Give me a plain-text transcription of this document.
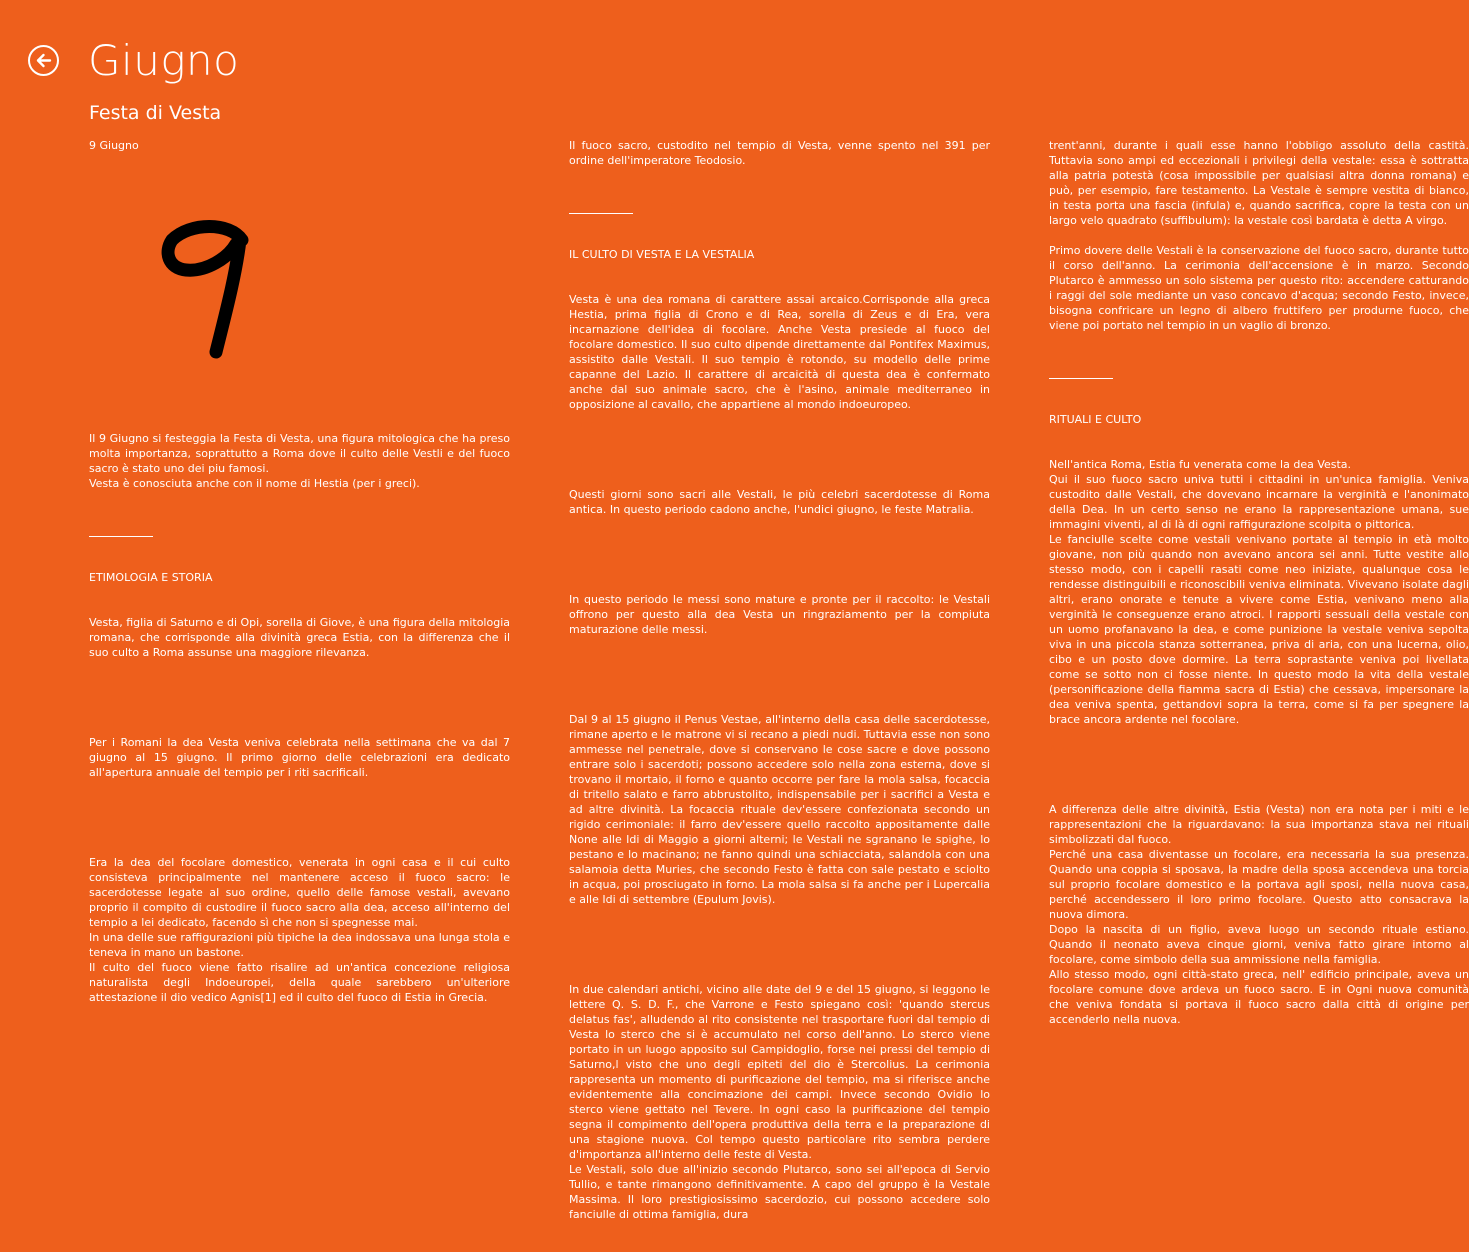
Giugno
Festa di Vesta
9 Giugno

Il 9 Giugno si festeggia la Festa di Vesta, una figura mitologica che ha preso molta importanza, soprattutto a Roma dove il culto delle Vestli e del fuoco sacro è stato uno dei piu famosi.
Vesta è conosciuta anche con il nome di Hestia (per i greci).

ETIMOLOGIA E STORIA

Vesta, figlia di Saturno e di Opi, sorella di Giove, è una figura della mitologia romana, che corrisponde alla divinità greca Estia, con la differenza che il suo culto a Roma assunse una maggiore rilevanza.

Per i Romani la dea Vesta veniva celebrata nella settimana che va dal 7 giugno al 15 giugno. Il primo giorno delle celebrazioni era dedicato all'apertura annuale del tempio per i riti sacrificali.

Era la dea del focolare domestico, venerata in ogni casa e il cui culto consisteva principalmente nel mantenere acceso il fuoco sacro: le sacerdotesse legate al suo ordine, quello delle famose vestali, avevano proprio il compito di custodire il fuoco sacro alla dea, acceso all'interno del tempio a lei dedicato, facendo sì che non si spegnesse mai.
In una delle sue raffigurazioni più tipiche la dea indossava una lunga stola e teneva in mano un bastone.
Il culto del fuoco viene fatto risalire ad un'antica concezione religiosa naturalista degli Indoeuropei, della quale sarebbero un'ulteriore attestazione il dio vedico Agnis[1] ed il culto del fuoco di Estia in Grecia.

Il fuoco sacro, custodito nel tempio di Vesta, venne spento nel 391 per ordine dell'imperatore Teodosio.

IL CULTO DI VESTA E LA VESTALIA

Vesta è una dea romana di carattere assai arcaico.Corrisponde alla greca Hestia, prima figlia di Crono e di Rea, sorella di Zeus e di Era, vera incarnazione dell'idea di focolare. Anche Vesta presiede al fuoco del focolare domestico. Il suo culto dipende direttamente dal Pontifex Maximus, assistito dalle Vestali. Il suo tempio è rotondo, su modello delle prime capanne del Lazio. Il carattere di arcaicità di questa dea è confermato anche dal suo animale sacro, che è l'asino, animale mediterraneo in opposizione al cavallo, che appartiene al mondo indoeuropeo.

Questi giorni sono sacri alle Vestali, le più celebri sacerdotesse di Roma antica. In questo periodo cadono anche, l'undici giugno, le feste Matralia.

In questo periodo le messi sono mature e pronte per il raccolto: le Vestali offrono per questo alla dea Vesta un ringraziamento per la compiuta maturazione delle messi.

Dal 9 al 15 giugno il Penus Vestae, all'interno della casa delle sacerdotesse, rimane aperto e le matrone vi si recano a piedi nudi. Tuttavia esse non sono ammesse nel penetrale, dove si conservano le cose sacre e dove possono entrare solo i sacerdoti; possono accedere solo nella zona esterna, dove si trovano il mortaio, il forno e quanto occorre per fare la mola salsa, focaccia di tritello salato e farro abbrustolito, indispensabile per i sacrifici a Vesta e ad altre divinità. La focaccia rituale dev'essere confezionata secondo un rigido cerimoniale: il farro dev'essere quello raccolto appositamente dalle None alle Idi di Maggio a giorni alterni; le Vestali ne sgranano le spighe, lo pestano e lo macinano; ne fanno quindi una schiacciata, salandola con una salamoia detta Muries, che secondo Festo è fatta con sale pestato e sciolto in acqua, poi prosciugato in forno. La mola salsa si fa anche per i Lupercalia e alle Idi di settembre (Epulum Jovis).

In due calendari antichi, vicino alle date del 9 e del 15 giugno, si leggono le lettere Q. S. D. F., che Varrone e Festo spiegano così: 'quando stercus delatus fas', alludendo al rito consistente nel trasportare fuori dal tempio di Vesta lo sterco che si è accumulato nel corso dell'anno. Lo sterco viene portato in un luogo apposito sul Campidoglio, forse nei pressi del tempio di Saturno,l visto che uno degli epiteti del dio è Stercolius. La cerimonia rappresenta un momento di purificazione del tempio, ma si riferisce anche evidentemente alla concimazione dei campi. Invece secondo Ovidio lo sterco viene gettato nel Tevere. In ogni caso la purificazione del tempio segna il compimento dell'opera produttiva della terra e la preparazione di una stagione nuova. Col tempo questo particolare rito sembra perdere d'importanza all'interno delle feste di Vesta.
Le Vestali, solo due all'inizio secondo Plutarco, sono sei all'epoca di Servio Tullio, e tante rimangono definitivamente. A capo del gruppo è la Vestale Massima. Il loro prestigiosissimo sacerdozio, cui possono accedere solo fanciulle di ottima famiglia, dura

trent'anni, durante i quali esse hanno l'obbligo assoluto della castità. Tuttavia sono ampi ed eccezionali i privilegi della vestale: essa è sottratta alla patria potestà (cosa impossibile per qualsiasi altra donna romana) e può, per esempio, fare testamento. La Vestale è sempre vestita di bianco, in testa porta una fascia (infula) e, quando sacrifica, copre la testa con un largo velo quadrato (suffibulum): la vestale così bardata è detta A virgo.

Primo dovere delle Vestali è la conservazione del fuoco sacro, durante tutto il corso dell'anno. La cerimonia dell'accensione è in marzo. Secondo Plutarco è ammesso un solo sistema per questo rito: accendere catturando i raggi del sole mediante un vaso concavo d'acqua; secondo Festo, invece, bisogna confricare un legno di albero fruttifero per produrne fuoco, che viene poi portato nel tempio in un vaglio di bronzo.

RITUALI E CULTO

Nell'antica Roma, Estia fu venerata come la dea Vesta.
Qui il suo fuoco sacro univa tutti i cittadini in un'unica famiglia. Veniva custodito dalle Vestali, che dovevano incarnare la verginità e l'anonimato della Dea. In un certo senso ne erano la rappresentazione umana, sue immagini viventi, al di là di ogni raffigurazione scolpita o pittorica.
Le fanciulle scelte come vestali venivano portate al tempio in età molto giovane, non più quando non avevano ancora sei anni. Tutte vestite allo stesso modo, con i capelli rasati come neo iniziate, qualunque cosa le rendesse distinguibili e riconoscibili veniva eliminata. Vivevano isolate dagli altri, erano onorate e tenute a vivere come Estia, venivano meno alla verginità le conseguenze erano atroci. I rapporti sessuali della vestale con un uomo profanavano la dea, e come punizione la vestale veniva sepolta viva in una piccola stanza sotterranea, priva di aria, con una lucerna, olio, cibo e un posto dove dormire. La terra soprastante veniva poi livellata come se sotto non ci fosse niente. In questo modo la vita della vestale (personificazione della fiamma sacra di Estia) che cessava, impersonare la dea veniva spenta, gettandovi sopra la terra, come si fa per spegnere la brace ancora ardente nel focolare.

A differenza delle altre divinità, Estia (Vesta) non era nota per i miti e le rappresentazioni che la riguardavano: la sua importanza stava nei rituali simbolizzati dal fuoco.
Perché una casa diventasse un focolare, era necessaria la sua presenza. Quando una coppia si sposava, la madre della sposa accendeva una torcia sul proprio focolare domestico e la portava agli sposi, nella nuova casa, perché accendessero il loro primo focolare. Questo atto consacrava la nuova dimora.
Dopo la nascita di un figlio, aveva luogo un secondo rituale estiano. Quando il neonato aveva cinque giorni, veniva fatto girare intorno al focolare, come simbolo della sua ammissione nella famiglia.
Allo stesso modo, ogni città-stato greca, nell' edificio principale, aveva un focolare comune dove ardeva un fuoco sacro. E in Ogni nuova comunità che veniva fondata si portava il fuoco sacro dalla città di origine per accenderlo nella nuova.
